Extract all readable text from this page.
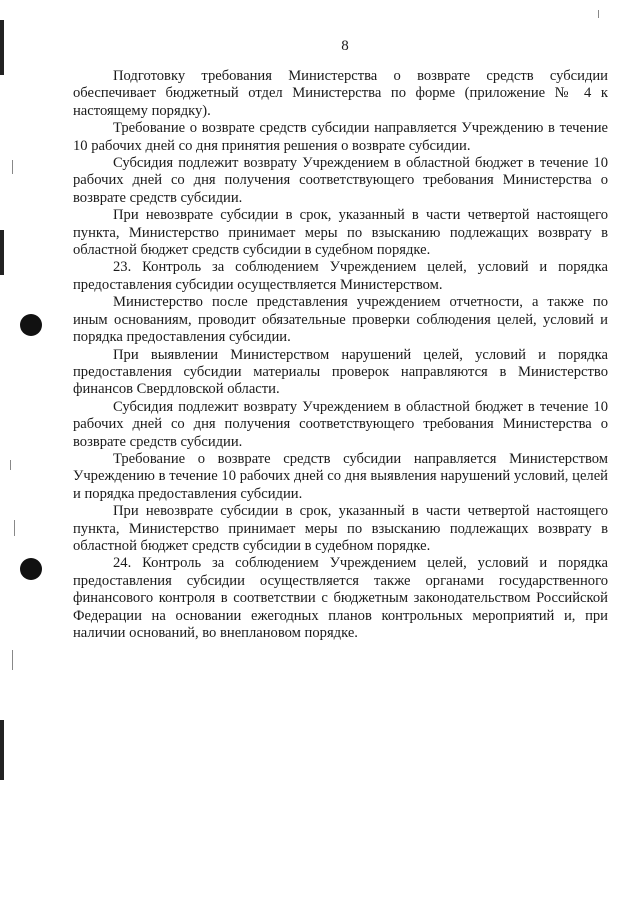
8

Подготовку требования Министерства о возврате средств субсидии обеспечивает бюджетный отдел Министерства по форме (приложение № 4 к настоящему порядку).

Требование о возврате средств субсидии направляется Учреждению в течение 10 рабочих дней со дня принятия решения о возврате субсидии.

Субсидия подлежит возврату Учреждением в областной бюджет в течение 10 рабочих дней со дня получения соответствующего требования Министерства о возврате средств субсидии.

При невозврате субсидии в срок, указанный в части четвертой настоящего пункта, Министерство принимает меры по взысканию подлежащих возврату в областной бюджет средств субсидии в судебном порядке.

23. Контроль за соблюдением Учреждением целей, условий и порядка предоставления субсидии осуществляется Министерством.

Министерство после представления учреждением отчетности, а также по иным основаниям, проводит обязательные проверки соблюдения целей, условий и порядка предоставления субсидии.

При выявлении Министерством нарушений целей, условий и порядка предоставления субсидии материалы проверок направляются в Министерство финансов Свердловской области.

Субсидия подлежит возврату Учреждением в областной бюджет в течение 10 рабочих дней со дня получения соответствующего требования Министерства о возврате средств субсидии.

Требование о возврате средств субсидии направляется Министерством Учреждению в течение 10 рабочих дней со дня выявления нарушений условий, целей и порядка предоставления субсидии.

При невозврате субсидии в срок, указанный в части четвертой настоящего пункта, Министерство принимает меры по взысканию подлежащих возврату в областной бюджет средств субсидии в судебном порядке.

24. Контроль за соблюдением Учреждением целей, условий и порядка предоставления субсидии осуществляется также органами государственного финансового контроля в соответствии с бюджетным законодательством Российской Федерации на основании ежегодных планов контрольных мероприятий и, при наличии оснований, во внеплановом порядке.
